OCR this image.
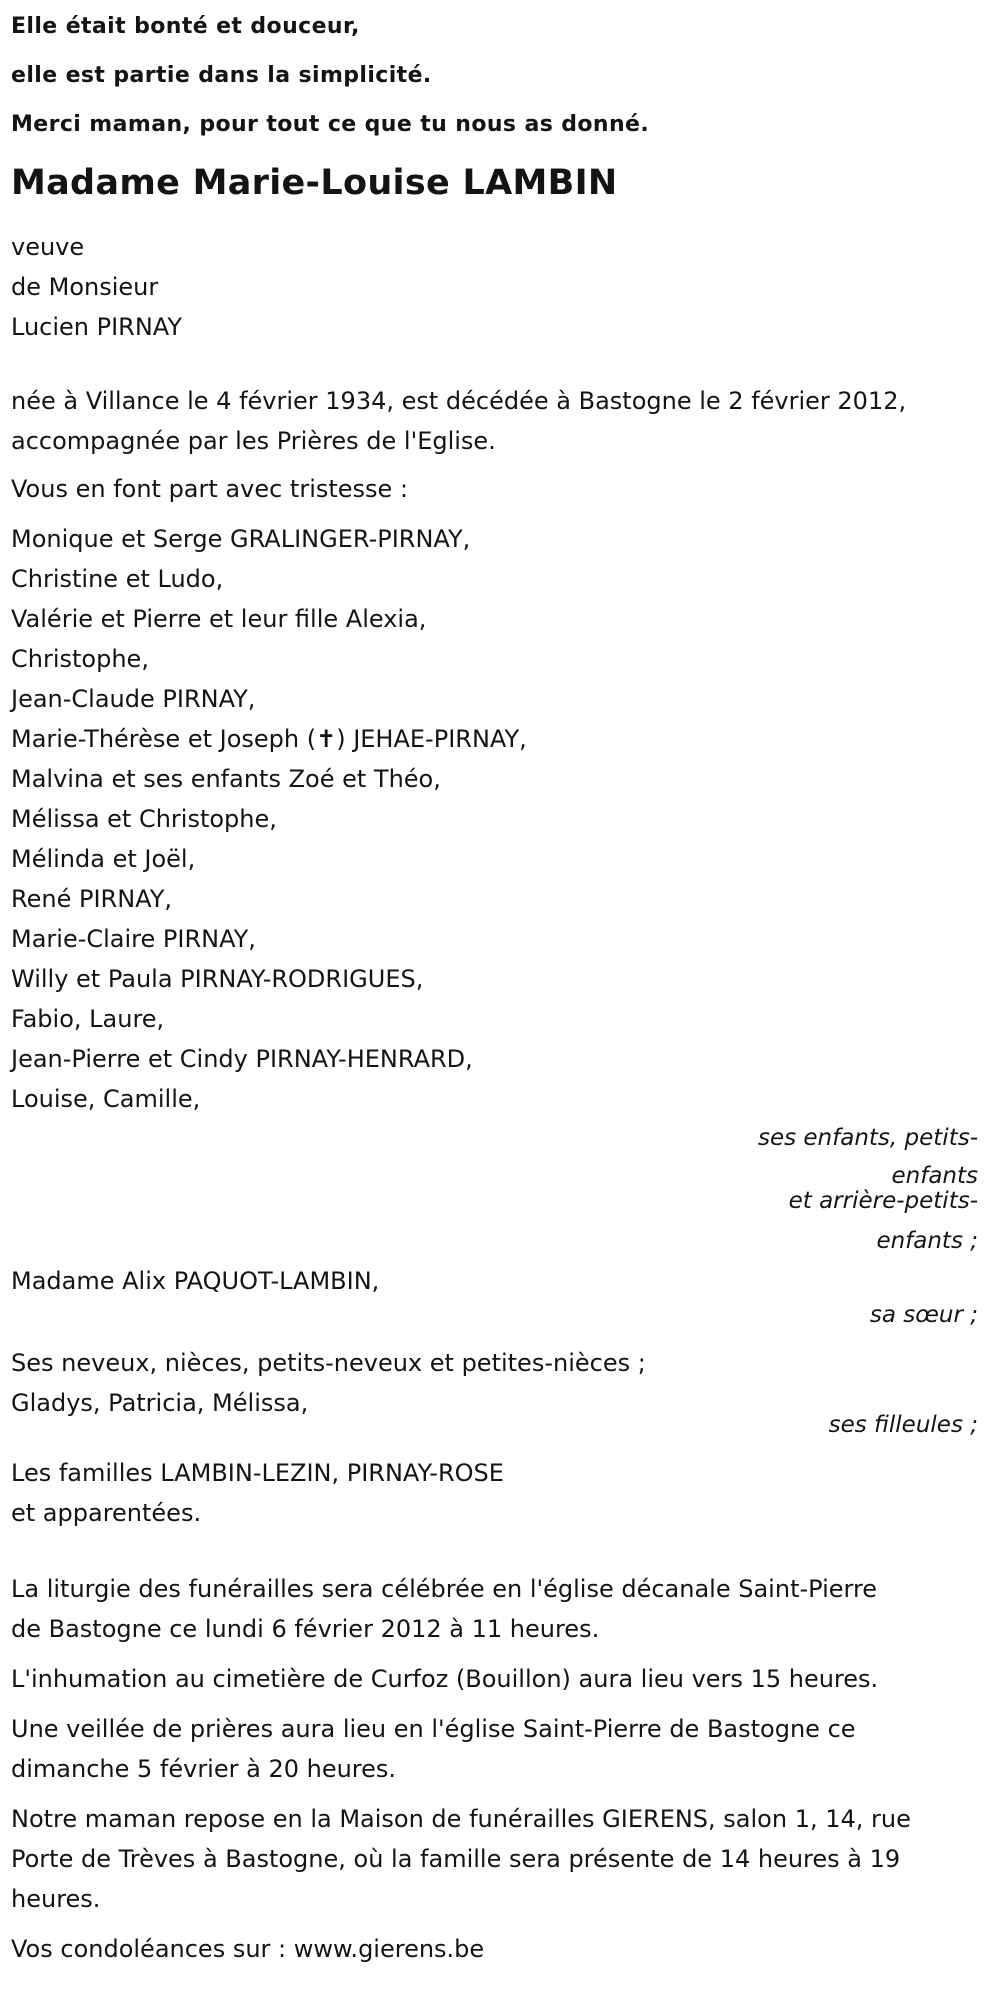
Elle était bonté et douceur,
elle est partie dans la simplicité.
Merci maman, pour tout ce que tu nous as donné.
Madame Marie-Louise LAMBIN
veuve
de Monsieur
Lucien PIRNAY
née à Villance le 4 février 1934, est décédée à Bastogne le 2 février 2012,
accompagnée par les Prières de l'Eglise.
Vous en font part avec tristesse :
Monique et Serge GRALINGER-PIRNAY,
Christine et Ludo,
Valérie et Pierre et leur fille Alexia,
Christophe,
Jean-Claude PIRNAY,
Marie-Thérèse et Joseph (✝) JEHAE-PIRNAY,
Malvina et ses enfants Zoé et Théo,
Mélissa et Christophe,
Mélinda et Joël,
René PIRNAY,
Marie-Claire PIRNAY,
Willy et Paula PIRNAY-RODRIGUES,
Fabio, Laure,
Jean-Pierre et Cindy PIRNAY-HENRARD,
Louise, Camille,
ses enfants, petits-enfants
et arrière-petits-
enfants ;
Madame Alix PAQUOT-LAMBIN,
sa sœur ;
Ses neveux, nièces, petits-neveux et petites-nièces ;
Gladys, Patricia, Mélissa,
ses filleules ;
Les familles LAMBIN-LEZIN, PIRNAY-ROSE
et apparentées.
La liturgie des funérailles sera célébrée en l'église décanale Saint-Pierre
de Bastogne ce lundi 6 février 2012 à 11 heures.
L'inhumation au cimetière de Curfoz (Bouillon) aura lieu vers 15 heures.
Une veillée de prières aura lieu en l'église Saint-Pierre de Bastogne ce
dimanche 5 février à 20 heures.
Notre maman repose en la Maison de funérailles GIERENS, salon 1, 14, rue
Porte de Trèves à Bastogne, où la famille sera présente de 14 heures à 19
heures.
Vos condoléances sur : www.gierens.be
